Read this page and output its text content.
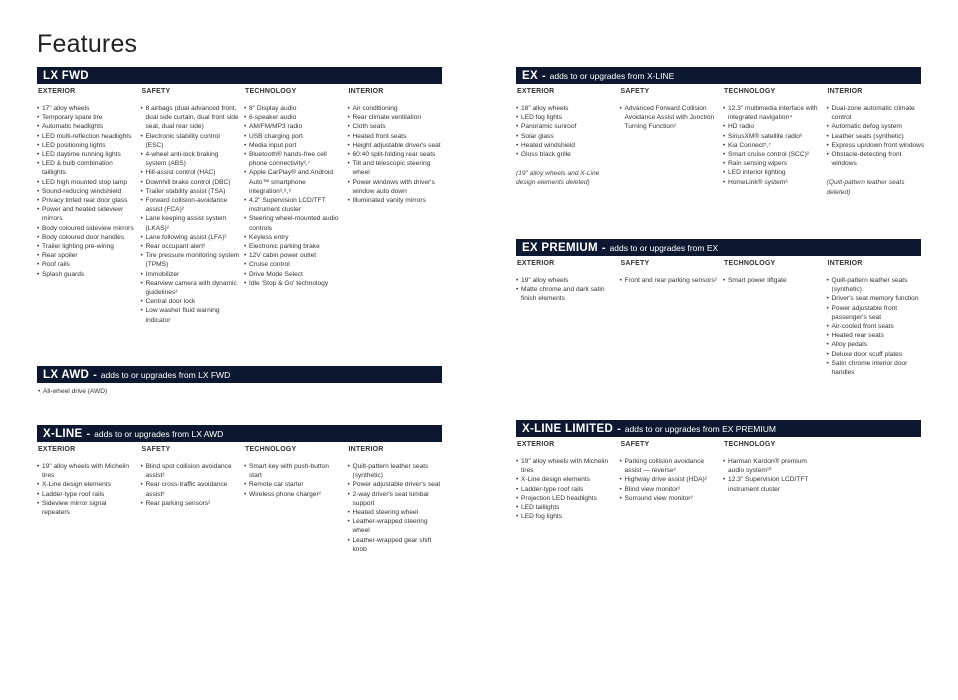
Features
LX FWD
EXTERIOR
• 17" alloy wheels
• Temporary spare tire
• Automatic headlights
• LED multi-reflection headlights
• LED positioning lights
• LED daytime running lights
• LED & bulb combination taillights
• LED high mounted stop lamp
• Sound-reducing windshield
• Privacy tinted rear door glass
• Power and heated sideview mirrors
• Body coloured sideview mirrors
• Body coloured door handles
• Trailer lighting pre-wiring
• Rear spoiler
• Roof rails
• Splash guards
SAFETY
• 8 airbags (dual advanced front, dual side curtain, dual front side seat, dual rear side)
• Electronic stability control (ESC)
• 4-wheel anti-lock braking system (ABS)
• Hill-assist control (HAC)
• Downhill brake control (DBC)
• Trailer stability assist (TSA)
• Forward collision-avoidance assist (FCA)²
• Lane keeping assist system (LKAS)²
• Lane following assist (LFA)²
• Rear occupant alert²
• Tire pressure monitoring system (TPMS)
• Immobilizer
• Rearview camera with dynamic guidelines²
• Central door lock
• Low washer fluid warning indicator
TECHNOLOGY
• 8" Display audio
• 6-speaker audio
• AM/FM/MP3 radio
• USB charging port
• Media input port
• Bluetooth® hands-free cell phone connectivity²,⁷
• Apple CarPlay® and Android Auto™ smartphone integration³,⁸,⁹
• 4.2" Supervision LCD/TFT instrument cluster
• Steering wheel-mounted audio controls
• Keyless entry
• Electronic parking brake
• 12V cabin power outlet
• Cruise control
• Drive Mode Select
• Idle 'Stop & Go' technology
INTERIOR
• Air conditioning
• Rear climate ventilation
• Cloth seats
• Heated front seats
• Height adjustable driver's seat
• 60:40 split-folding rear seats
• Tilt and telescopic steering wheel
• Power windows with driver's window auto down
• Illuminated vanity mirrors
LX AWD - adds to or upgrades from LX FWD
• All-wheel drive (AWD)
X-LINE - adds to or upgrades from LX AWD
EXTERIOR
• 19" alloy wheels with Michelin tires
• X-Line design elements
• Ladder-type roof rails
• Sideview mirror signal repeaters
SAFETY
• Blind spot collision avoidance assist²
• Rear cross-traffic avoidance assist²
• Rear parking sensors²
TECHNOLOGY
• Smart key with push-button start
• Remote car starter
• Wireless phone charger²
INTERIOR
• Quilt-pattern leather seats (synthetic)
• Power adjustable driver's seat
• 2-way driver's seat lumbar support
• Heated steering wheel
• Leather-wrapped steering wheel
• Leather-wrapped gear shift knob
EX - adds to or upgrades from X-LINE
EXTERIOR
• 18" alloy wheels
• LED fog lights
• Panoramic sunroof
• Solar glass
• Heated windshield
• Gloss black grille
(19" alloy wheels and X-Line design elements deleted)
SAFETY
• Advanced Forward Collision Avoidance Assist with Junction Turning Function²
TECHNOLOGY
• 12.3" multimedia interface with integrated navigation⁴
• HD radio
• SiriusXM® satellite radio⁶
• Kia Connect⁵,⁷
• Smart cruise control (SCC)²
• Rain sensing wipers
• LED interior lighting
• HomeLink® system⁶
INTERIOR
• Dual-zone automatic climate control
• Automatic defog system
• Leather seats (synthetic)
• Express up/down front windows
• Obstacle-detecting front windows
(Quilt-pattern leather seats deleted)
EX PREMIUM - adds to or upgrades from EX
EXTERIOR
• 19" alloy wheels
• Matte chrome and dark satin finish elements
SAFETY
• Front and rear parking sensors²
TECHNOLOGY
• Smart power liftgate
INTERIOR
• Quilt-pattern leather seats (synthetic)
• Driver's seat memory function
• Power adjustable front passenger's seat
• Air-cooled front seats
• Heated rear seats
• Alloy pedals
• Deluxe door scuff plates
• Satin chrome interior door handles
X-LINE LIMITED - adds to or upgrades from EX PREMIUM
EXTERIOR
• 19" alloy wheels with Michelin tires
• X-Line design elements
• Ladder-type roof rails
• Projection LED headlights
• LED taillights
• LED fog lights
SAFETY
• Parking collision avoidance assist — reverse²
• Highway drive assist (HDA)²
• Blind view monitor²
• Surround view monitor²
TECHNOLOGY
• Harman Kardon® premium audio system¹⁰
• 12.3" Supervision LCD/TFT instrument cluster
